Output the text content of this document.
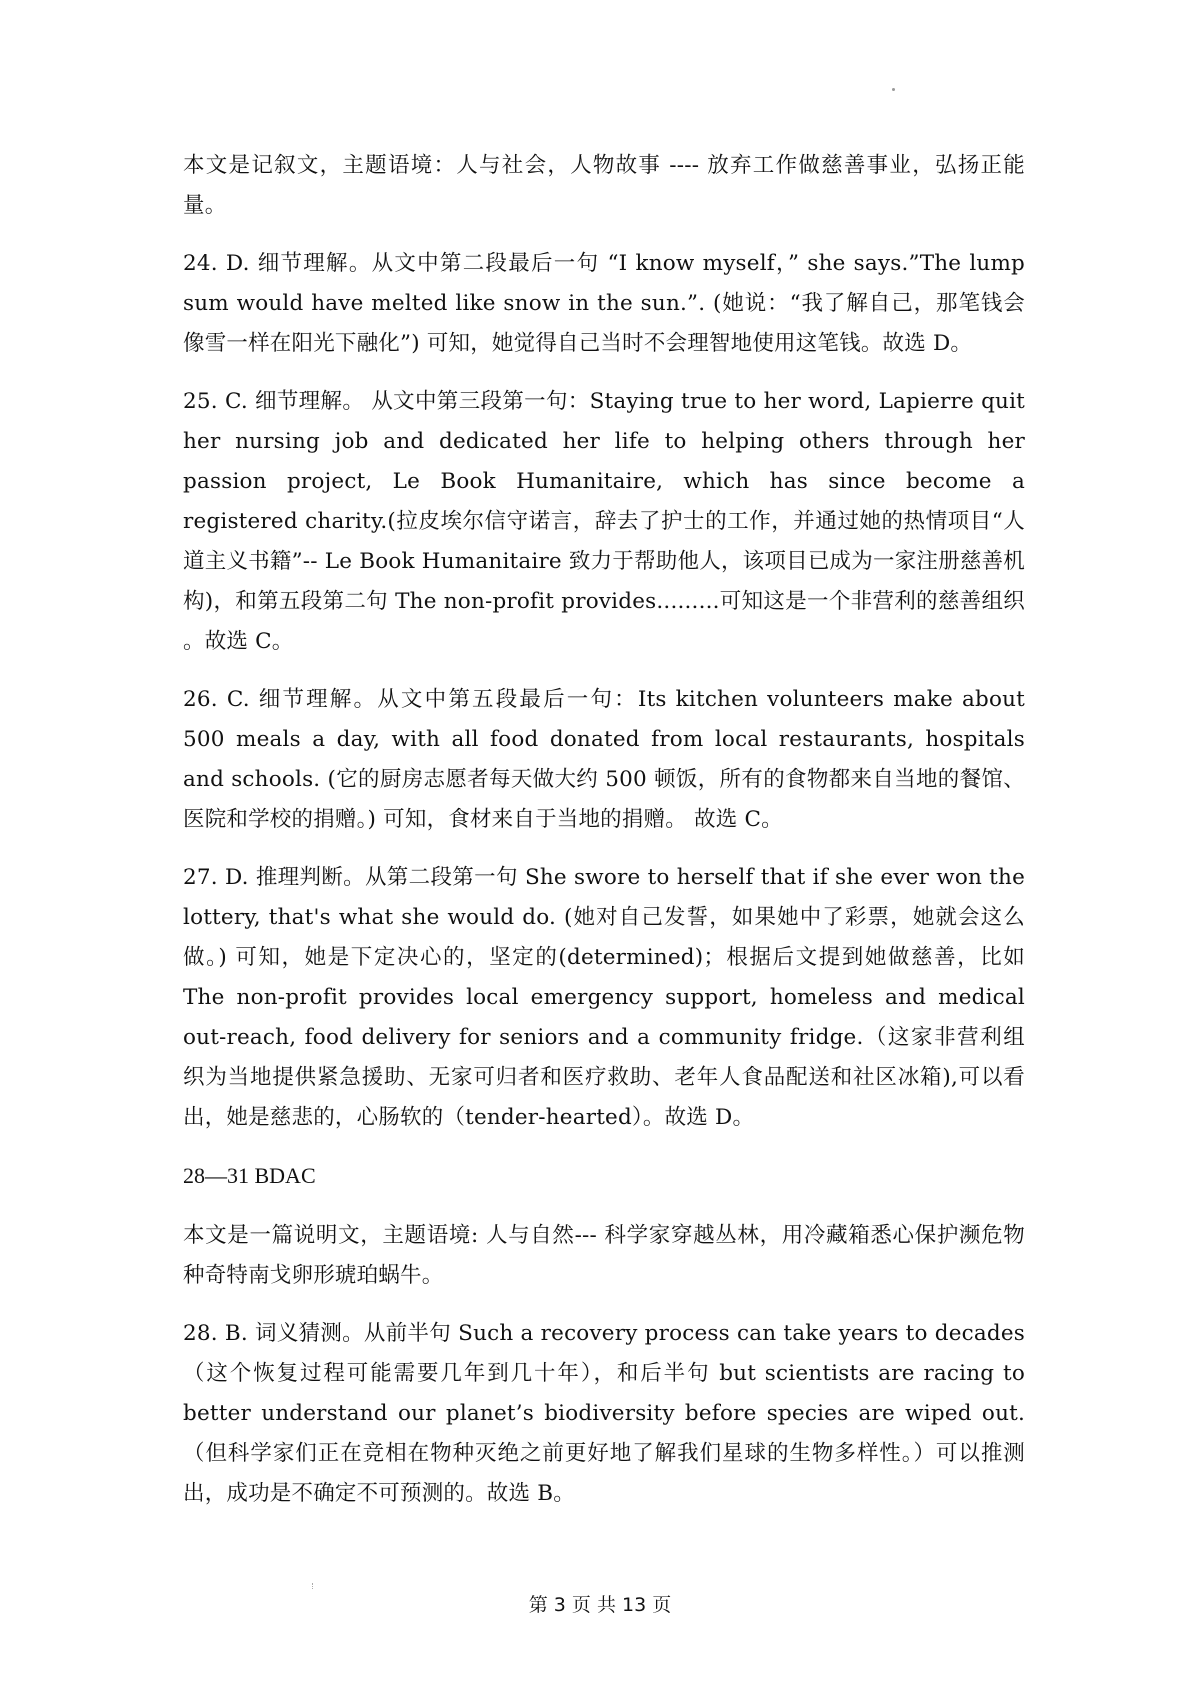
本文是记叙文，主题语境：人与社会，人物故事 ---- 放弃工作做慈善事业，弘扬正能量。

24. D. 细节理解。从文中第二段最后一句 “I know myself，” she says.”The lump sum would have melted like snow in the sun.”. (她说：“我了解自己，那笔钱会像雪一样在阳光下融化”) 可知，她觉得自己当时不会理智地使用这笔钱。故选 D。

25. C. 细节理解。 从文中第三段第一句：Staying true to her word, Lapierre quit her nursing job and dedicated her life to helping others through her passion project, Le Book Humanitaire, which has since become a registered charity.(拉皮埃尔信守诺言，辞去了护士的工作，并通过她的热情项目“人道主义书籍”-- Le Book Humanitaire 致力于帮助他人，该项目已成为一家注册慈善机构)，和第五段第二句 The non-profit provides.........可知这是一个非营利的慈善组织 。故选 C。

26. C. 细节理解。从文中第五段最后一句：Its kitchen volunteers make about 500 meals a day, with all food donated from local restaurants, hospitals and schools. (它的厨房志愿者每天做大约 500 顿饭，所有的食物都来自当地的餐馆、医院和学校的捐赠。) 可知，食材来自于当地的捐赠。 故选 C。

27. D. 推理判断。从第二段第一句 She swore to herself that if she ever won the lottery, that's what she would do. (她对自己发誓，如果她中了彩票，她就会这么做。) 可知，她是下定决心的，坚定的(determined)；根据后文提到她做慈善，比如 The non-profit provides local emergency support, homeless and medical out-reach, food delivery for seniors and a community fridge.（这家非营利组织为当地提供紧急援助、无家可归者和医疗救助、老年人食品配送和社区冰箱),可以看出，她是慈悲的，心肠软的（tender-hearted）。故选 D。

28—31 BDAC

本文是一篇说明文，主题语境: 人与自然--- 科学家穿越丛林，用冷藏箱悉心保护濒危物种奇特南戈卵形琥珀蜗牛。

28. B. 词义猜测。从前半句 Such a recovery process can take years to decades（这个恢复过程可能需要几年到几十年），和后半句 but scientists are racing to better understand our planet’s biodiversity before species are wiped out.（但科学家们正在竞相在物种灭绝之前更好地了解我们星球的生物多样性。）可以推测出，成功是不确定不可预测的。故选 B。

第 3 页 共 13 页
